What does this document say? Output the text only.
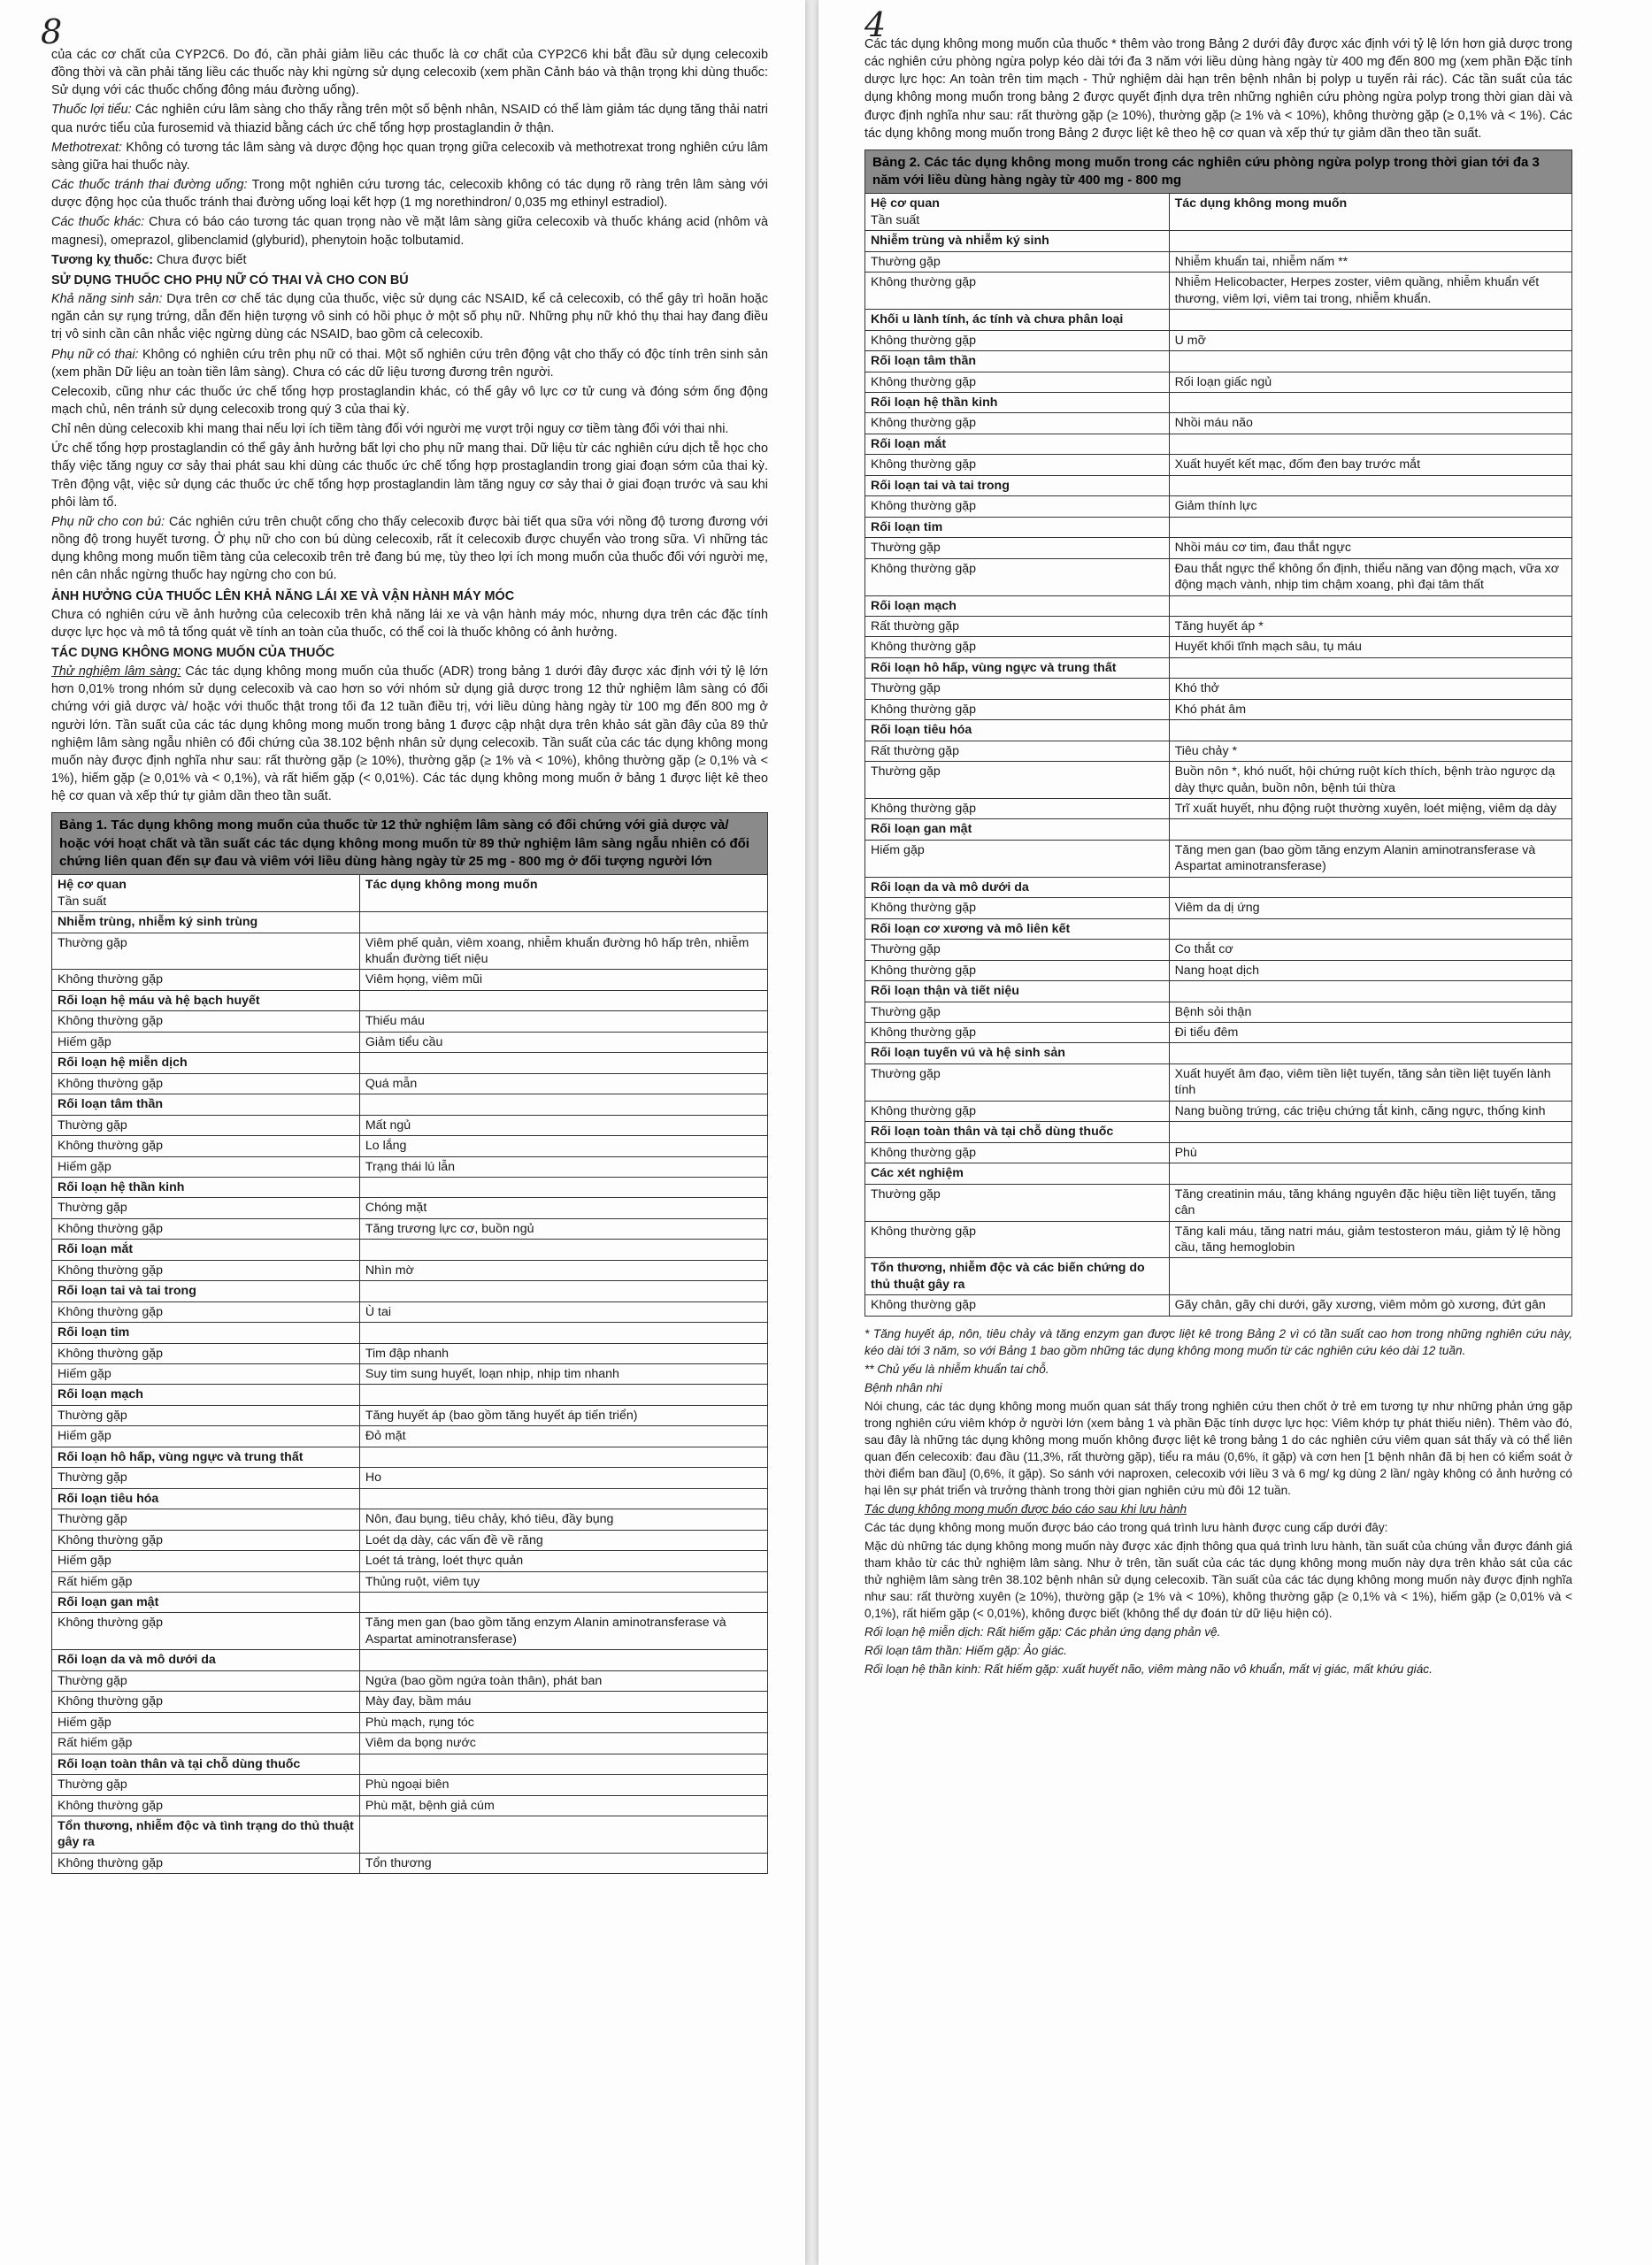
8

của các cơ chất của CYP2C6. Do đó, cần phải giảm liều các thuốc là cơ chất của CYP2C6 khi bắt đầu sử dụng celecoxib đồng thời và cần phải tăng liều các thuốc này khi ngừng sử dụng celecoxib (xem phần Cảnh báo và thận trọng khi dùng thuốc: Sử dụng với các thuốc chống đông máu đường uống).

Thuốc lợi tiểu: Các nghiên cứu lâm sàng cho thấy rằng trên một số bệnh nhân, NSAID có thể làm giảm tác dụng tăng thải natri qua nước tiểu của furosemid và thiazid bằng cách ức chế tổng hợp prostaglandin ở thận.

Methotrexat: Không có tương tác lâm sàng và dược động học quan trọng giữa celecoxib và methotrexat trong nghiên cứu lâm sàng giữa hai thuốc này.

Các thuốc tránh thai đường uống: Trong một nghiên cứu tương tác, celecoxib không có tác dụng rõ ràng trên lâm sàng với dược động học của thuốc tránh thai đường uống loại kết hợp (1 mg norethindron/ 0,035 mg ethinyl estradiol).

Các thuốc khác: Chưa có báo cáo tương tác quan trọng nào về mặt lâm sàng giữa celecoxib và thuốc kháng acid (nhôm và magnesi), omeprazol, glibenclamid (glyburid), phenytoin hoặc tolbutamid.

Tương kỵ thuốc: Chưa được biết

SỬ DỤNG THUỐC CHO PHỤ NỮ CÓ THAI VÀ CHO CON BÚ

Khả năng sinh sản: Dựa trên cơ chế tác dụng của thuốc, việc sử dụng các NSAID, kể cả celecoxib, có thể gây trì hoãn hoặc ngăn cản sự rụng trứng, dẫn đến hiện tượng vô sinh có hồi phục ở một số phụ nữ. Những phụ nữ khó thụ thai hay đang điều trị vô sinh cần cân nhắc việc ngừng dùng các NSAID, bao gồm cả celecoxib.

Phụ nữ có thai: Không có nghiên cứu trên phụ nữ có thai. Một số nghiên cứu trên động vật cho thấy có độc tính trên sinh sản (xem phần Dữ liệu an toàn tiền lâm sàng). Chưa có các dữ liệu tương đương trên người.

Celecoxib, cũng như các thuốc ức chế tổng hợp prostaglandin khác, có thể gây vô lực cơ tử cung và đóng sớm ống động mạch chủ, nên tránh sử dụng celecoxib trong quý 3 của thai kỳ.

Chỉ nên dùng celecoxib khi mang thai nếu lợi ích tiềm tàng đối với người mẹ vượt trội nguy cơ tiềm tàng đối với thai nhi.

Ức chế tổng hợp prostaglandin có thể gây ảnh hưởng bất lợi cho phụ nữ mang thai. Dữ liệu từ các nghiên cứu dịch tễ học cho thấy việc tăng nguy cơ sảy thai phát sau khi dùng các thuốc ức chế tổng hợp prostaglandin trong giai đoạn sớm của thai kỳ. Trên động vật, việc sử dụng các thuốc ức chế tổng hợp prostaglandin làm tăng nguy cơ sảy thai ở giai đoạn trước và sau khi phôi làm tổ.

Phụ nữ cho con bú: Các nghiên cứu trên chuột cống cho thấy celecoxib được bài tiết qua sữa với nồng độ tương đương với nồng độ trong huyết tương. Ở phụ nữ cho con bú dùng celecoxib, rất ít celecoxib được chuyển vào trong sữa. Vì những tác dụng không mong muốn tiềm tàng của celecoxib trên trẻ đang bú mẹ, tùy theo lợi ích mong muốn của thuốc đối với người mẹ, nên cân nhắc ngừng thuốc hay ngừng cho con bú.

ẢNH HƯỞNG CỦA THUỐC LÊN KHẢ NĂNG LÁI XE VÀ VẬN HÀNH MÁY MÓC

Chưa có nghiên cứu về ảnh hưởng của celecoxib trên khả năng lái xe và vận hành máy móc, nhưng dựa trên các đặc tính dược lực học và mô tả tổng quát về tính an toàn của thuốc, có thể coi là thuốc không có ảnh hưởng.

TÁC DỤNG KHÔNG MONG MUỐN CỦA THUỐC

Thử nghiệm lâm sàng: Các tác dụng không mong muốn của thuốc (ADR) trong bảng 1 dưới đây được xác định với tỷ lệ lớn hơn 0,01% trong nhóm sử dụng celecoxib và cao hơn so với nhóm sử dụng giả dược trong 12 thử nghiệm lâm sàng có đối chứng với giả dược và/ hoặc với thuốc thật trong tối đa 12 tuần điều trị, với liều dùng hàng ngày từ 100 mg đến 800 mg ở người lớn. Tần suất của các tác dụng không mong muốn trong bảng 1 được cập nhật dựa trên khảo sát gần đây của 89 thử nghiệm lâm sàng ngẫu nhiên có đối chứng của 38.102 bệnh nhân sử dụng celecoxib. Tần suất của các tác dụng không mong muốn này được định nghĩa như sau: rất thường gặp (≥ 10%), thường gặp (≥ 1% và < 10%), không thường gặp (≥ 0,1% và < 1%), hiếm gặp (≥ 0,01% và < 0,1%), và rất hiếm gặp (< 0,01%). Các tác dụng không mong muốn ở bảng 1 được liệt kê theo hệ cơ quan và xếp thứ tự giảm dần theo tần suất.

Bảng 1. Tác dụng không mong muốn của thuốc từ 12 thử nghiệm lâm sàng có đối chứng với giả dược và/ hoặc với hoạt chất và tần suất các tác dụng không mong muốn từ 89 thử nghiệm lâm sàng ngẫu nhiên có đối chứng liên quan đến sự đau và viêm với liều dùng hàng ngày từ 25 mg - 800 mg ở đối tượng người lớn	
Hệ cơ quan
Tần suất	Tác dụng không mong muốn
Nhiễm trùng, nhiễm ký sinh trùng	
Thường gặp	Viêm phế quản, viêm xoang, nhiễm khuẩn đường hô hấp trên, nhiễm khuẩn đường tiết niệu
Không thường gặp	Viêm họng, viêm mũi
Rối loạn hệ máu và hệ bạch huyết	
Không thường gặp	Thiếu máu
Hiếm gặp	Giảm tiểu cầu
Rối loạn hệ miễn dịch	
Không thường gặp	Quá mẫn
Rối loạn tâm thần	
Thường gặp	Mất ngủ
Không thường gặp	Lo lắng
Hiếm gặp	Trạng thái lú lẫn
Rối loạn hệ thần kinh	
Thường gặp	Chóng mặt
Không thường gặp	Tăng trương lực cơ, buồn ngủ
Rối loạn mắt	
Không thường gặp	Nhìn mờ
Rối loạn tai và tai trong	
Không thường gặp	Ù tai
Rối loạn tim	
Không thường gặp	Tim đập nhanh
Hiếm gặp	Suy tim sung huyết, loạn nhịp, nhịp tim nhanh
Rối loạn mạch	
Thường gặp	Tăng huyết áp (bao gồm tăng huyết áp tiến triển)
Hiếm gặp	Đỏ mặt
Rối loạn hô hấp, vùng ngực và trung thất	
Thường gặp	Ho
Rối loạn tiêu hóa	
Thường gặp	Nôn, đau bụng, tiêu chảy, khó tiêu, đầy bụng
Không thường gặp	Loét dạ dày, các vấn đề về răng
Hiếm gặp	Loét tá tràng, loét thực quản
Rất hiếm gặp	Thủng ruột, viêm tụy
Rối loạn gan mật	
Không thường gặp	Tăng men gan (bao gồm tăng enzym Alanin aminotransferase và Aspartat aminotransferase)
Rối loạn da và mô dưới da	
Thường gặp	Ngứa (bao gồm ngứa toàn thân), phát ban
Không thường gặp	Mày đay, bầm máu
Hiếm gặp	Phù mạch, rụng tóc
Rất hiếm gặp	Viêm da bọng nước
Rối loạn toàn thân và tại chỗ dùng thuốc	
Thường gặp	Phù ngoại biên
Không thường gặp	Phù mặt, bệnh giả cúm
Tổn thương, nhiễm độc và tình trạng do thủ thuật gây ra	
Không thường gặp	Tổn thương
4

Các tác dụng không mong muốn của thuốc * thêm vào trong Bảng 2 dưới đây được xác định với tỷ lệ lớn hơn giả dược trong các nghiên cứu phòng ngừa polyp kéo dài tới đa 3 năm với liều dùng hàng ngày từ 400 mg đến 800 mg (xem phần Đặc tính dược lực học: An toàn trên tim mạch - Thử nghiệm dài hạn trên bệnh nhân bị polyp u tuyến rải rác). Các tần suất của tác dụng không mong muốn trong bảng 2 được quyết định dựa trên những nghiên cứu phòng ngừa polyp trong thời gian dài và được định nghĩa như sau: rất thường gặp (≥ 10%), thường gặp (≥ 1% và < 10%), không thường gặp (≥ 0,1% và < 1%). Các tác dụng không mong muốn trong Bảng 2 được liệt kê theo hệ cơ quan và xếp thứ tự giảm dần theo tần suất.

Bảng 2. Các tác dụng không mong muốn trong các nghiên cứu phòng ngừa polyp trong thời gian tới đa 3 năm với liều dùng hàng ngày từ 400 mg - 800 mg	
Hệ cơ quan
Tần suất	Tác dụng không mong muốn
Nhiễm trùng và nhiễm ký sinh	
Thường gặp	Nhiễm khuẩn tai, nhiễm nấm **
Không thường gặp	Nhiễm Helicobacter, Herpes zoster, viêm quầng, nhiễm khuẩn vết thương, viêm lợi, viêm tai trong, nhiễm khuẩn.
Khối u lành tính, ác tính và chưa phân loại	
Không thường gặp	U mỡ
Rối loạn tâm thần	
Không thường gặp	Rối loạn giấc ngủ
Rối loạn hệ thần kinh	
Không thường gặp	Nhồi máu não
Rối loạn mắt	
Không thường gặp	Xuất huyết kết mạc, đốm đen bay trước mắt
Rối loạn tai và tai trong	
Không thường gặp	Giảm thính lực
Rối loạn tim	
Thường gặp	Nhồi máu cơ tim, đau thắt ngực
Không thường gặp	Đau thắt ngực thể không ổn định, thiểu năng van động mạch, vữa xơ động mạch vành, nhịp tim chậm xoang, phì đại tâm thất
Rối loạn mạch	
Rất thường gặp	Tăng huyết áp *
Không thường gặp	Huyết khối tĩnh mạch sâu, tụ máu
Rối loạn hô hấp, vùng ngực và trung thất	
Thường gặp	Khó thở
Không thường gặp	Khó phát âm
Rối loạn tiêu hóa	
Rất thường gặp	Tiêu chảy *
Thường gặp	Buồn nôn *, khó nuốt, hội chứng ruột kích thích, bệnh trào ngược dạ dày thực quản, buồn nôn, bệnh túi thừa
Không thường gặp	Trĩ xuất huyết, nhu động ruột thường xuyên, loét miệng, viêm dạ dày
Rối loạn gan mật	
Hiếm gặp	Tăng men gan (bao gồm tăng enzym Alanin aminotransferase và Aspartat aminotransferase)
Rối loạn da và mô dưới da	
Không thường gặp	Viêm da dị ứng
Rối loạn cơ xương và mô liên kết	
Thường gặp	Co thắt cơ
Không thường gặp	Nang hoạt dịch
Rối loạn thận và tiết niệu	
Thường gặp	Bệnh sỏi thận
Không thường gặp	Đi tiểu đêm
Rối loạn tuyến vú và hệ sinh sản	
Thường gặp	Xuất huyết âm đạo, viêm tiền liệt tuyến, tăng sản tiền liệt tuyến lành tính
Không thường gặp	Nang buồng trứng, các triệu chứng tắt kinh, căng ngực, thống kinh
Rối loạn toàn thân và tại chỗ dùng thuốc	
Không thường gặp	Phù
Các xét nghiệm	
Thường gặp	Tăng creatinin máu, tăng kháng nguyên đặc hiệu tiền liệt tuyến, tăng cân
Không thường gặp	Tăng kali máu, tăng natri máu, giảm testosteron máu, giảm tỷ lệ hồng cầu, tăng hemoglobin
Tổn thương, nhiễm độc và các biến chứng do thủ thuật gây ra	
Không thường gặp	Gãy chân, gãy chi dưới, gãy xương, viêm mỏm gò xương, đứt gân

* Tăng huyết áp, nôn, tiêu chảy và tăng enzym gan được liệt kê trong Bảng 2 vì có tần suất cao hơn trong những nghiên cứu này, kéo dài tới 3 năm, so với Bảng 1 bao gồm những tác dụng không mong muốn từ các nghiên cứu kéo dài 12 tuần.

** Chủ yếu là nhiễm khuẩn tai chỗ.

Bệnh nhân nhi

Nói chung, các tác dụng không mong muốn quan sát thấy trong nghiên cứu then chốt ở trẻ em tương tự như những phản ứng gặp trong nghiên cứu viêm khớp ở người lớn (xem bảng 1 và phần Đặc tính dược lực học: Viêm khớp tự phát thiếu niên). Thêm vào đó, sau đây là những tác dụng không mong muốn không được liệt kê trong bảng 1 do các nghiên cứu viêm quan sát thấy và có thể liên quan đến celecoxib: đau đầu (11,3%, rất thường gặp), tiểu ra máu (0,6%, ít gặp) và cơn hen [1 bệnh nhân đã bị hen có kiểm soát ở thời điểm ban đầu] (0,6%, ít gặp). So sánh với naproxen, celecoxib với liều 3 và 6 mg/ kg dùng 2 lần/ ngày không có ảnh hưởng có hại lên sự phát triển và trưởng thành trong thời gian nghiên cứu mù đôi 12 tuần.

Tác dụng không mong muốn được báo cáo sau khi lưu hành

Các tác dụng không mong muốn được báo cáo trong quá trình lưu hành được cung cấp dưới đây:

Mặc dù những tác dụng không mong muốn này được xác định thông qua quá trình lưu hành, tần suất của chúng vẫn được đánh giá tham khảo từ các thử nghiệm lâm sàng. Như ở trên, tần suất của các tác dụng không mong muốn này dựa trên khảo sát của các thử nghiệm lâm sàng trên 38.102 bệnh nhân sử dụng celecoxib. Tần suất của các tác dụng không mong muốn này được định nghĩa như sau: rất thường xuyên (≥ 10%), thường gặp (≥ 1% và < 10%), không thường gặp (≥ 0,1% và < 1%), hiếm gặp (≥ 0,01% và < 0,1%), rất hiếm gặp (< 0,01%), không được biết (không thể dự đoán từ dữ liệu hiện có).

Rối loạn hệ miễn dịch: Rất hiếm gặp: Các phản ứng dạng phản vệ.

Rối loạn tâm thần: Hiếm gặp: Ảo giác.

Rối loạn hệ thần kinh: Rất hiếm gặp: xuất huyết não, viêm màng não vô khuẩn, mất vị giác, mất khứu giác.
